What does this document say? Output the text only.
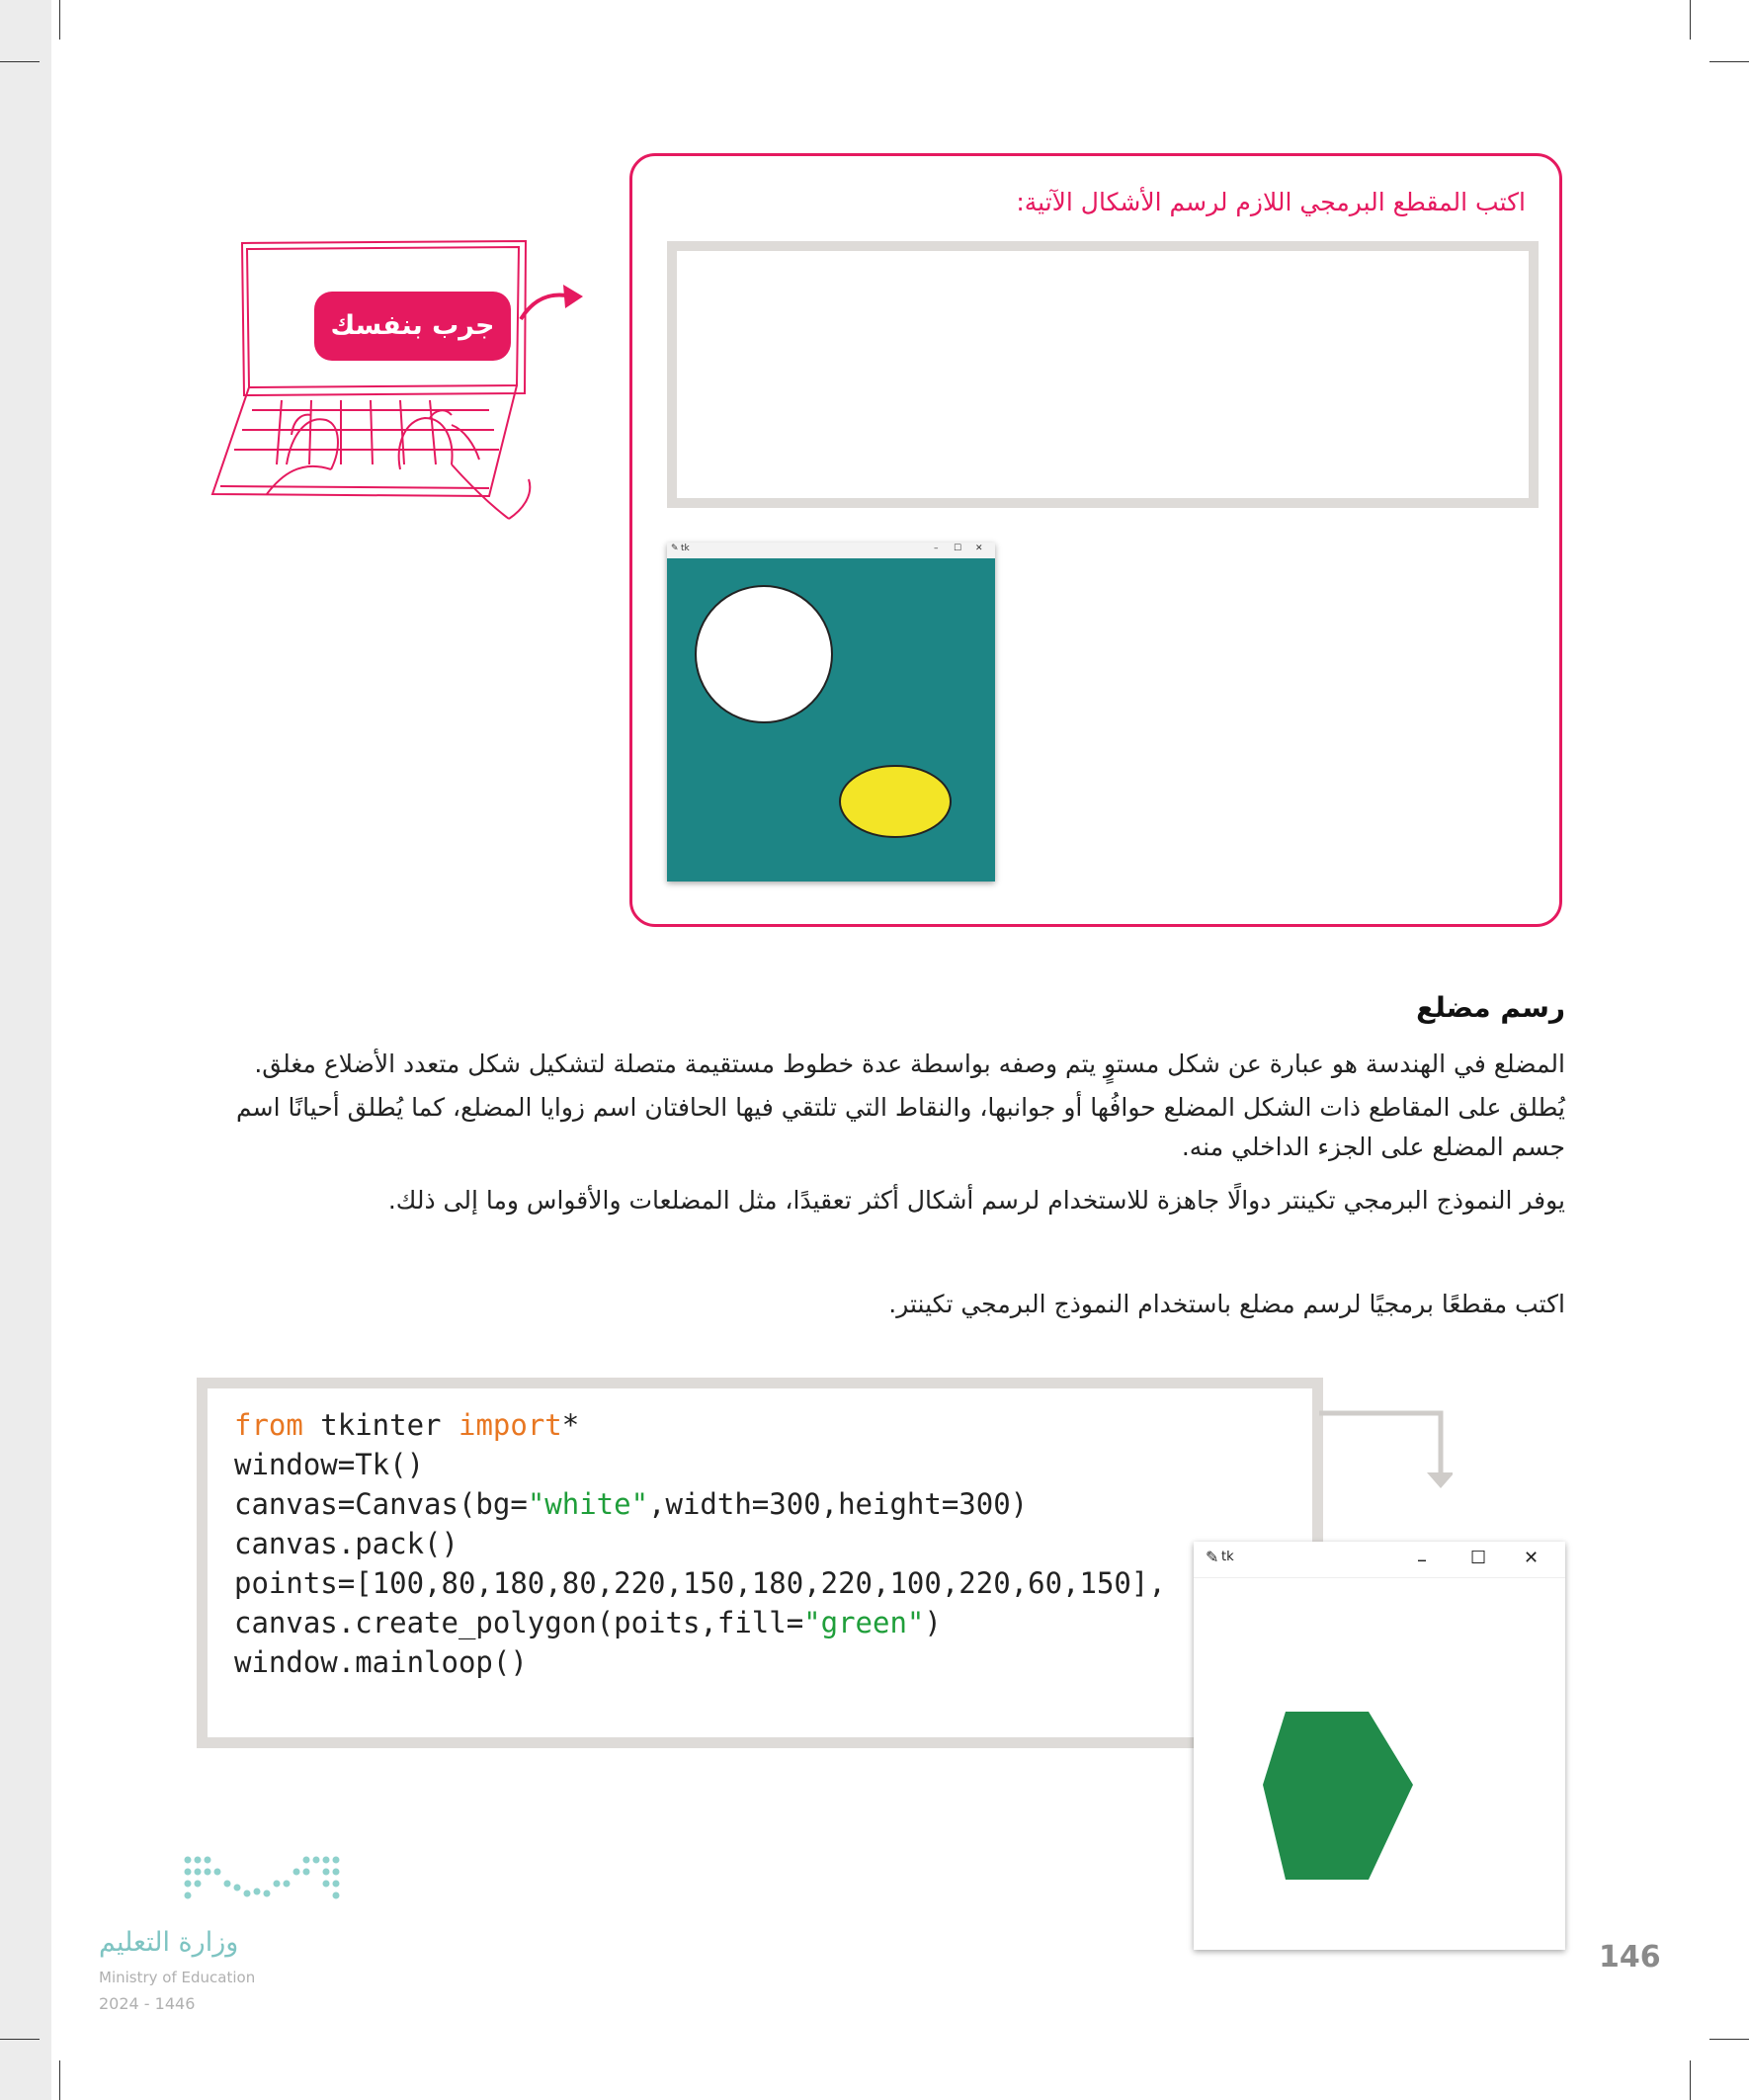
جرب بنفسك
اكتب المقطع البرمجي اللازم لرسم الأشكال الآتية:
✎ tk	– ☐ ✕
رسم مضلع
المضلع في الهندسة هو عبارة عن شكل مستوٍ يتم وصفه بواسطة عدة خطوط مستقيمة متصلة لتشكيل شكل متعدد الأضلاع مغلق.
يُطلق على المقاطع ذات الشكل المضلع حوافُها أو جوانبها، والنقاط التي تلتقي فيها الحافتان اسم زوايا المضلع، كما يُطلق أحيانًا اسم
جسم المضلع على الجزء الداخلي منه.
يوفر النموذج البرمجي تكينتر دوالًا جاهزة للاستخدام لرسم أشكال أكثر تعقيدًا، مثل المضلعات والأقواس وما إلى ذلك.
اكتب مقطعًا برمجيًا لرسم مضلع باستخدام النموذج البرمجي تكينتر.
from tkinter import*
window=Tk()
canvas=Canvas(bg="white",width=300,height=300)
canvas.pack()
points=[100,80,180,80,220,150,180,220,100,220,60,150],
canvas.create_polygon(poits,fill="green")
window.mainloop()
✎ tk	– ☐ ✕
146
وزارة التعليم
Ministry of Education
2024 - 1446
